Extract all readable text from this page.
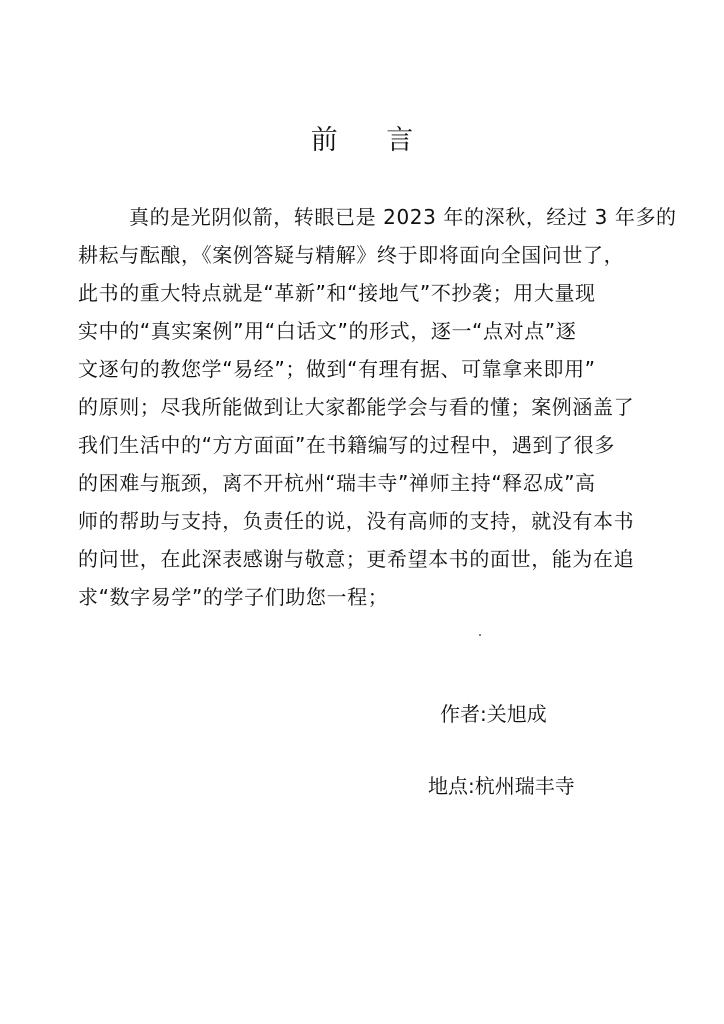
前 言
真的是光阴似箭，转眼已是 2023 年的深秋，经过 3 年多的
耕耘与酝酿，《案例答疑与精解》终于即将面向全国问世了，
此书的重大特点就是“革新”和“接地气”不抄袭；用大量现
实中的“真实案例”用“白话文”的形式，逐一“点对点”逐
文逐句的教您学“易经”；做到“有理有据、可靠拿来即用”
的原则；尽我所能做到让大家都能学会与看的懂；案例涵盖了
我们生活中的“方方面面”在书籍编写的过程中，遇到了很多
的困难与瓶颈，离不开杭州“瑞丰寺”禅师主持“释忍成”高
师的帮助与支持，负责任的说，没有高师的支持，就没有本书
的问世，在此深表感谢与敬意；更希望本书的面世，能为在追
求“数字易学”的学子们助您一程；
作者:关旭成
地点:杭州瑞丰寺
